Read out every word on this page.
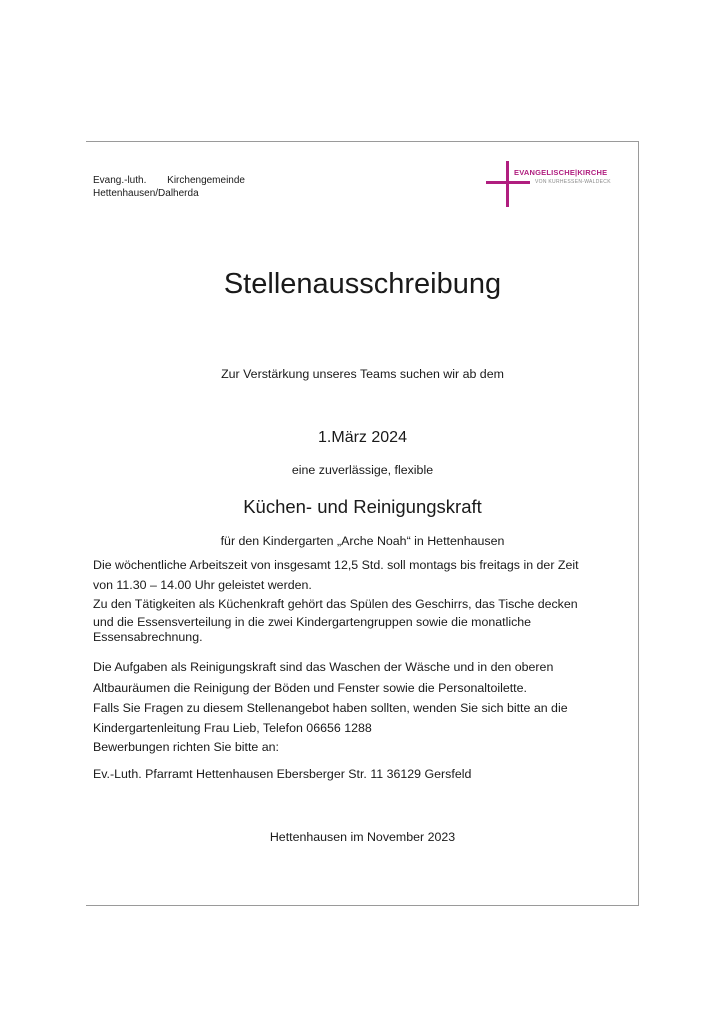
Evang.-luth. Kirchengemeinde
Hettenhausen/Dalherda
EVANGELISCHE|KIRCHE
VON KURHESSEN-WALDECK
Stellenausschreibung
Zur Verstärkung unseres Teams suchen wir ab dem
1.März 2024
eine zuverlässige, flexible
Küchen- und Reinigungskraft
für den Kindergarten „Arche Noah“ in Hettenhausen
Die wöchentliche Arbeitszeit von insgesamt 12,5 Std. soll montags bis freitags in der Zeit
von 11.30 – 14.00 Uhr geleistet werden.
Zu den Tätigkeiten als Küchenkraft gehört das Spülen des Geschirrs, das Tische decken
und die Essensverteilung in die zwei Kindergartengruppen sowie die monatliche
Essensabrechnung.
Die Aufgaben als Reinigungskraft sind das Waschen der Wäsche und in den oberen
Altbauräumen die Reinigung der Böden und Fenster sowie die Personaltoilette.
Falls Sie Fragen zu diesem Stellenangebot haben sollten, wenden Sie sich bitte an die
Kindergartenleitung Frau Lieb, Telefon 06656 1288
Bewerbungen richten Sie bitte an:
Ev.-Luth. Pfarramt Hettenhausen Ebersberger Str. 11 36129 Gersfeld
Hettenhausen im November 2023
